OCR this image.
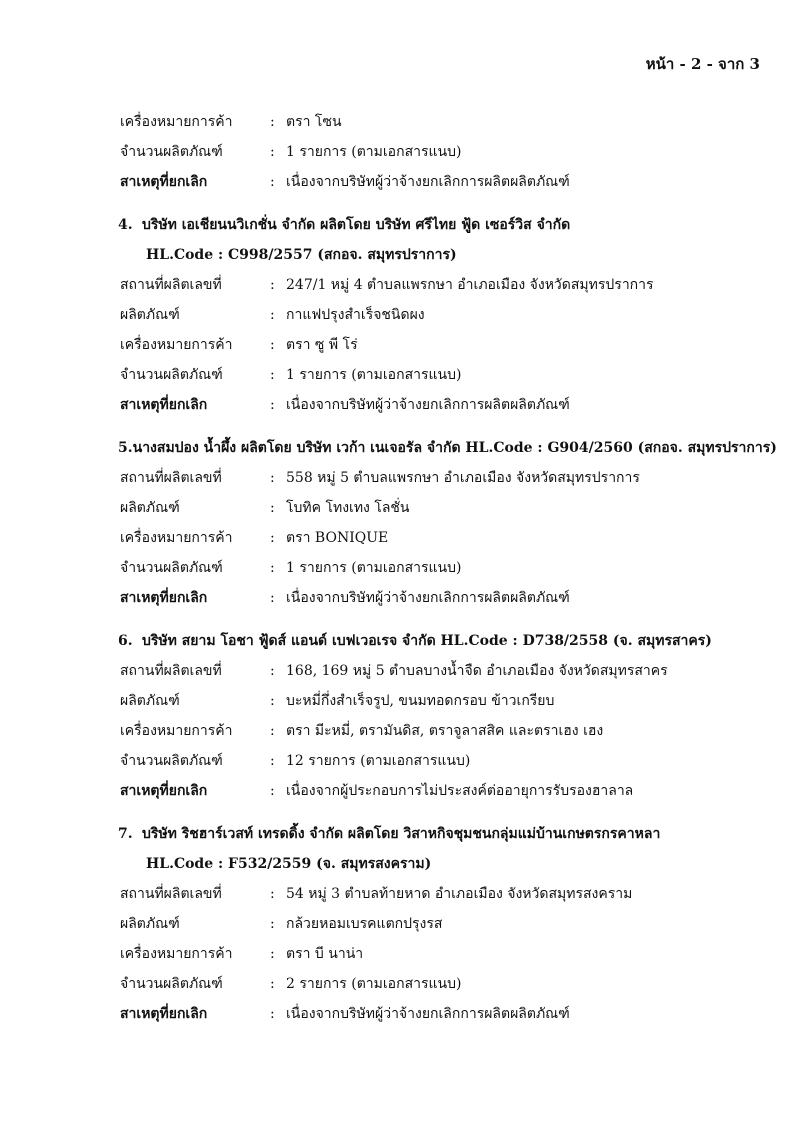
หน้า - 2 - จาก 3
เครื่องหมายการค้า	: ตรา โซน
จำนวนผลิตภัณฑ์	: 1 รายการ (ตามเอกสารแนบ)
สาเหตุที่ยกเลิก	: เนื่องจากบริษัทผู้ว่าจ้างยกเลิกการผลิตผลิตภัณฑ์
4. บริษัท เอเชียนนวิเกชั่น จำกัด ผลิตโดย บริษัท ศรีไทย ฟู้ด เซอร์วิส จำกัด
HL.Code : C998/2557 (สกอจ. สมุทรปราการ)
สถานที่ผลิตเลขที่	: 247/1 หมู่ 4 ตำบลแพรกษา อำเภอเมือง จังหวัดสมุทรปราการ
ผลิตภัณฑ์	: กาแฟปรุงสำเร็จชนิดผง
เครื่องหมายการค้า	: ตรา ซู พี โร่
จำนวนผลิตภัณฑ์	: 1 รายการ (ตามเอกสารแนบ)
สาเหตุที่ยกเลิก	: เนื่องจากบริษัทผู้ว่าจ้างยกเลิกการผลิตผลิตภัณฑ์
5. นางสมปอง น้ำผึ้ง ผลิตโดย บริษัท เวก้า เนเจอรัล จำกัด HL.Code : G904/2560 (สกอจ. สมุทรปราการ)
สถานที่ผลิตเลขที่	: 558 หมู่ 5 ตำบลแพรกษา อำเภอเมือง จังหวัดสมุทรปราการ
ผลิตภัณฑ์	: โบทิค โทงเทง โลชั่น
เครื่องหมายการค้า	: ตรา BONIQUE
จำนวนผลิตภัณฑ์	: 1 รายการ (ตามเอกสารแนบ)
สาเหตุที่ยกเลิก	: เนื่องจากบริษัทผู้ว่าจ้างยกเลิกการผลิตผลิตภัณฑ์
6. บริษัท สยาม โอชา ฟู้ดส์ แอนด์ เบฟเวอเรจ จำกัด HL.Code : D738/2558 (จ. สมุทรสาคร)
สถานที่ผลิตเลขที่	: 168, 169 หมู่ 5 ตำบลบางน้ำจืด อำเภอเมือง จังหวัดสมุทรสาคร
ผลิตภัณฑ์	: บะหมี่กึ่งสำเร็จรูป, ขนมทอดกรอบ ข้าวเกรียบ
เครื่องหมายการค้า	: ตรา มีะหมี่, ตรามันดิส, ตราจูลาสสิค และตราเฮง เฮง
จำนวนผลิตภัณฑ์	: 12 รายการ (ตามเอกสารแนบ)
สาเหตุที่ยกเลิก	: เนื่องจากผู้ประกอบการไม่ประสงค์ต่ออายุการรับรองฮาลาล
7. บริษัท ริชฮาร์เวสท์ เทรดดิ้ง จำกัด ผลิตโดย วิสาหกิจชุมชนกลุ่มแม่บ้านเกษตรกรคาหลา
HL.Code : F532/2559 (จ. สมุทรสงคราม)
สถานที่ผลิตเลขที่	: 54 หมู่ 3 ตำบลท้ายหาด อำเภอเมือง จังหวัดสมุทรสงคราม
ผลิตภัณฑ์	: กล้วยหอมเบรคแตกปรุงรส
เครื่องหมายการค้า	: ตรา บี นาน่า
จำนวนผลิตภัณฑ์	: 2 รายการ (ตามเอกสารแนบ)
สาเหตุที่ยกเลิก	: เนื่องจากบริษัทผู้ว่าจ้างยกเลิกการผลิตผลิตภัณฑ์
